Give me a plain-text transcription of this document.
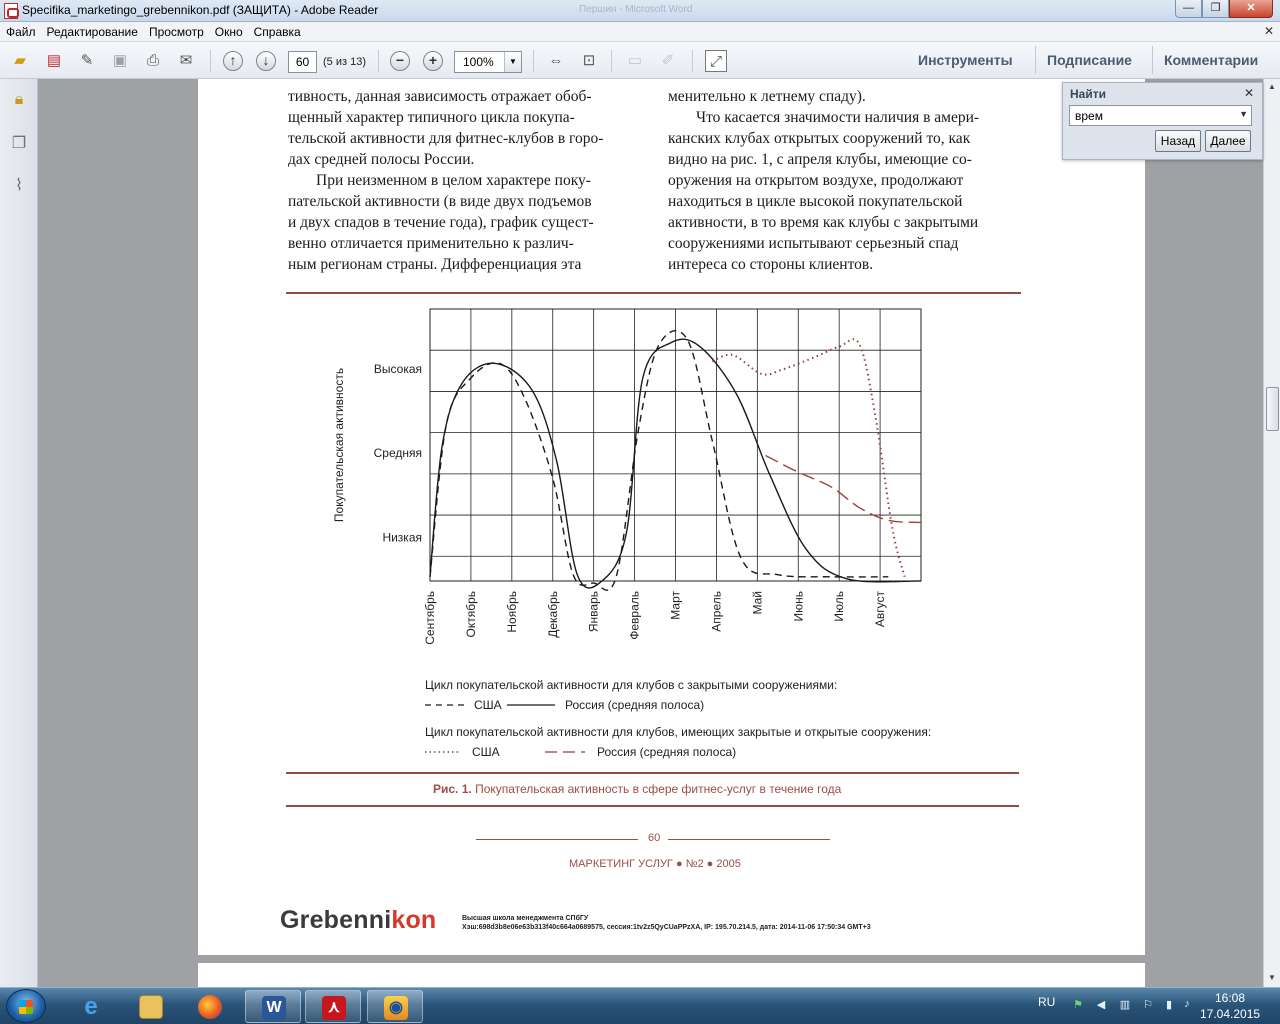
Specifika_marketingo_grebennikon.pdf (ЗАЩИТА) - Adobe Reader	Першин - Microsoft Word	—	❐	✕
Файл Редактирование Просмотр Окно Справка	✕
▰	▤	✎	▣	⎙	✉	↑	↓	60	(5 из 13)	−	+	100%	▼ ⇔	⊡	▭	✐	⤢	Инструменты Подписание Комментарии
🔒︎
❐
⌇
тивность, данная зависимость отражает обоб-
щенный характер типичного цикла покупа-
тельской активности для фитнес-клубов в горо-
дах средней полосы России.
При неизменном в целом характере поку-
пательской активности (в виде двух подъемов
и двух спадов в течение года), график сущест-
венно отличается применительно к различ-
ным регионам страны. Дифференциация эта
менительно к летнему спаду).
Что касается значимости наличия в амери-
канских клубах открытых сооружений то, как
видно на рис. 1, с апреля клубы, имеющие со-
оружения на открытом воздухе, продолжают
находиться в цикле высокой покупательской
активности, в то время как клубы с закрытыми
сооружениями испытывают серьезный спад
интереса со стороны клиентов.
Покупательская активность Высокая
Средняя
Низкая
Сентябрь Октябрь Ноябрь Декабрь Январь Февраль Март Апрель Май Июнь Июль Август
Цикл покупательской активности для клубов с закрытыми сооружениями:
США	Россия (средняя полоса)
Цикл покупательской активности для клубов, имеющих закрытые и открытые сооружения:
США	Россия (средняя полоса)
Рис. 1. Покупательская активность в сфере фитнес-услуг в течение года
60
МАРКЕТИНГ УСЛУГ ● №2 ● 2005
Grebennikon	Высшая школа менеджмента СПбГУ
Хэш:698d3b8e06e63b313f40c664a0689575, сессия:1tv2z5QyCUaPPzXA, IP: 195.70.214.5, дата: 2014-11-06 17:50:34 GMT+3
▲
▼
Найти	✕
врем	▼
Назад	Далее
e	W	⋏	◉	RU ⚑ ◀ ▥ ⚐	▮	♪	16:08
17.04.2015
